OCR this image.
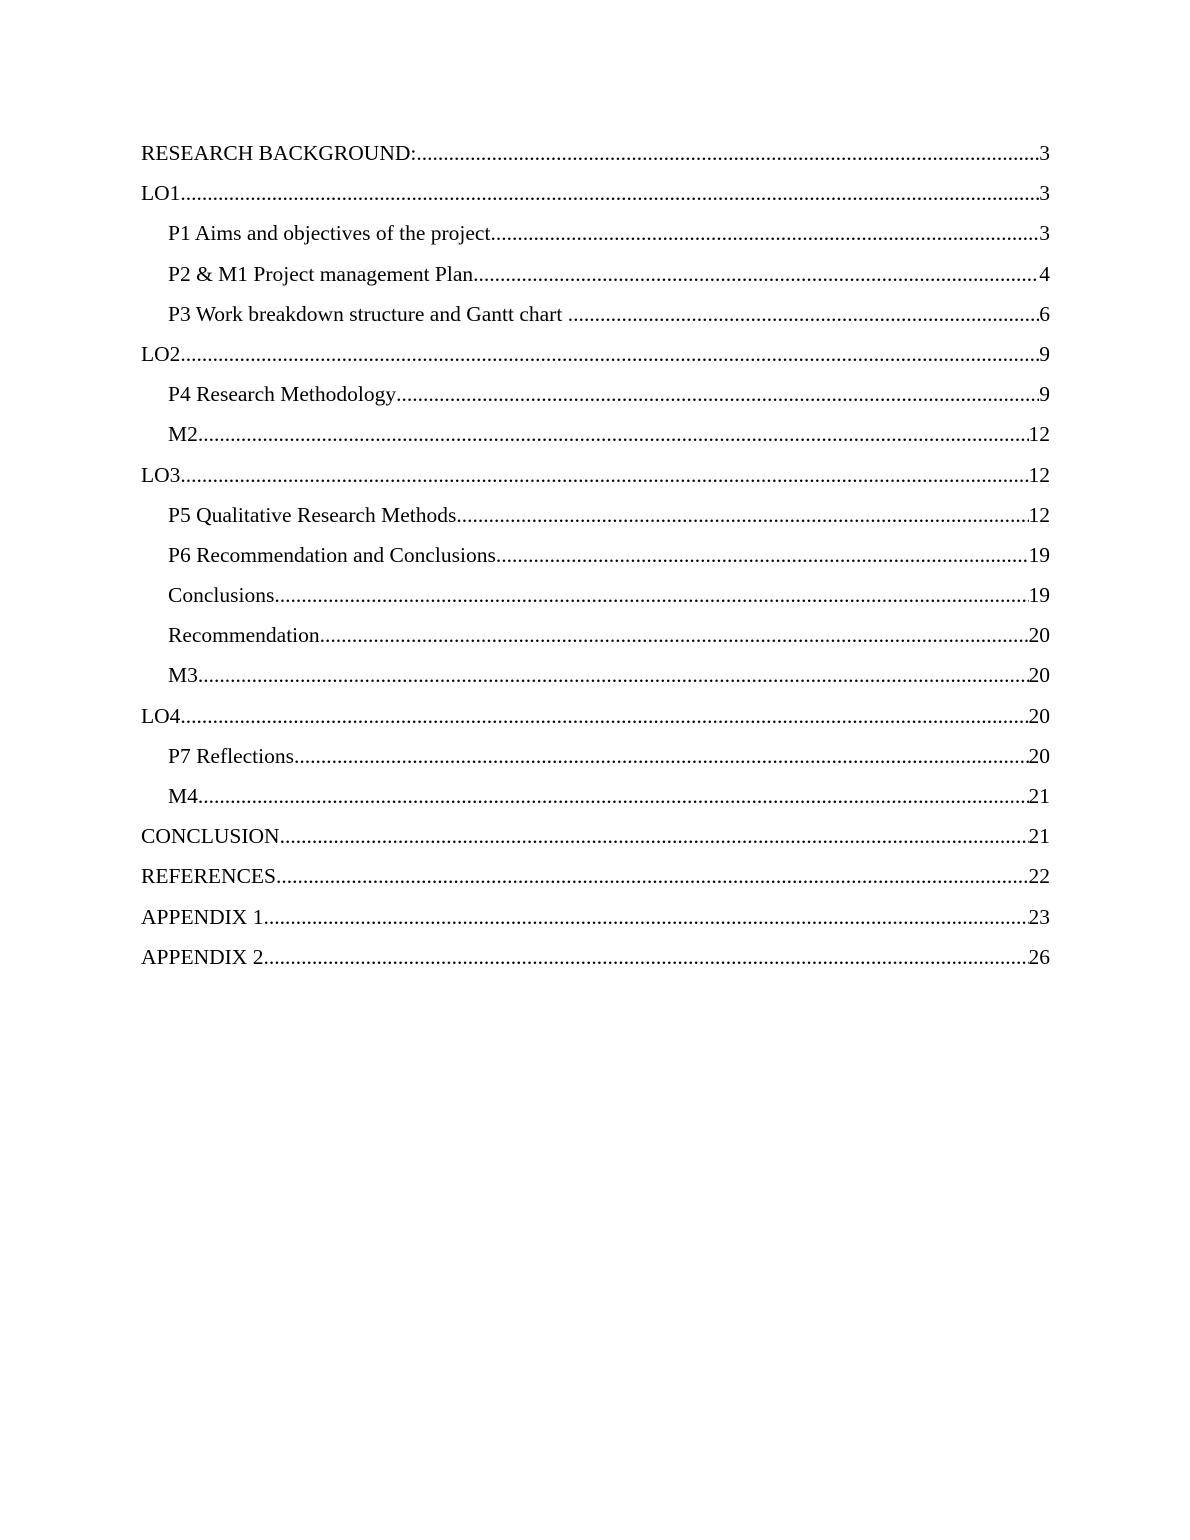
RESEARCH BACKGROUND: .....	3
LO1 .....	3
P1 Aims and objectives of the project .....	3
P2 & M1 Project management Plan .....	4
P3 Work breakdown structure and Gantt chart .....	6
LO2 .....	9
P4 Research Methodology .....	9
M2 .....	12
LO3 .....	12
P5 Qualitative Research Methods .....	12
P6 Recommendation and Conclusions .....	19
Conclusions .....	19
Recommendation .....	20
M3 .....	20
LO4 .....	20
P7 Reflections .....	20
M4 .....	21
CONCLUSION .....	21
REFERENCES .....	22
APPENDIX 1 .....	23
APPENDIX 2 .....	26
